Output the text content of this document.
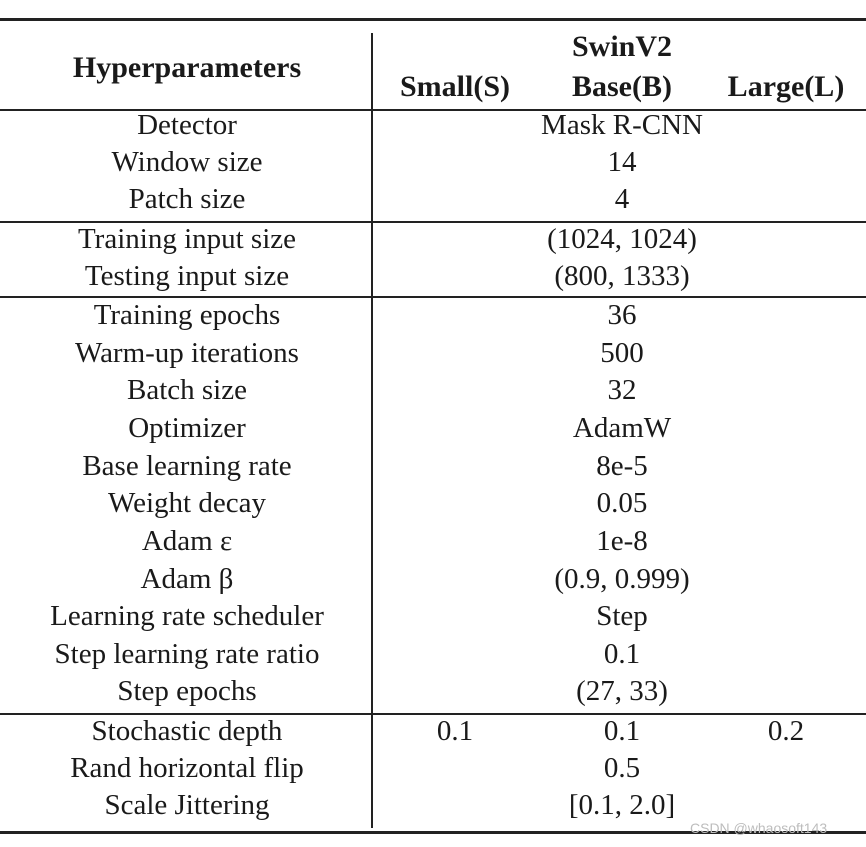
Hyperparameters
SwinV2
Small(S) Base(B) Large(L)
Detector	Mask R-CNN
Window size	14
Patch size	4
Training input size	(1024, 1024)
Testing input size	(800, 1333)
Training epochs	36
Warm-up iterations	500
Batch size	32
Optimizer	AdamW
Base learning rate	8e-5
Weight decay	0.05
Adam ε	1e-8
Adam β	(0.9, 0.999)
Learning rate scheduler	Step
Step learning rate ratio	0.1
Step epochs	(27, 33)
Stochastic depth	0.1	0.1	0.2
Rand horizontal flip	0.5
Scale Jittering	[0.1, 2.0]
CSDN @whaosoft143
